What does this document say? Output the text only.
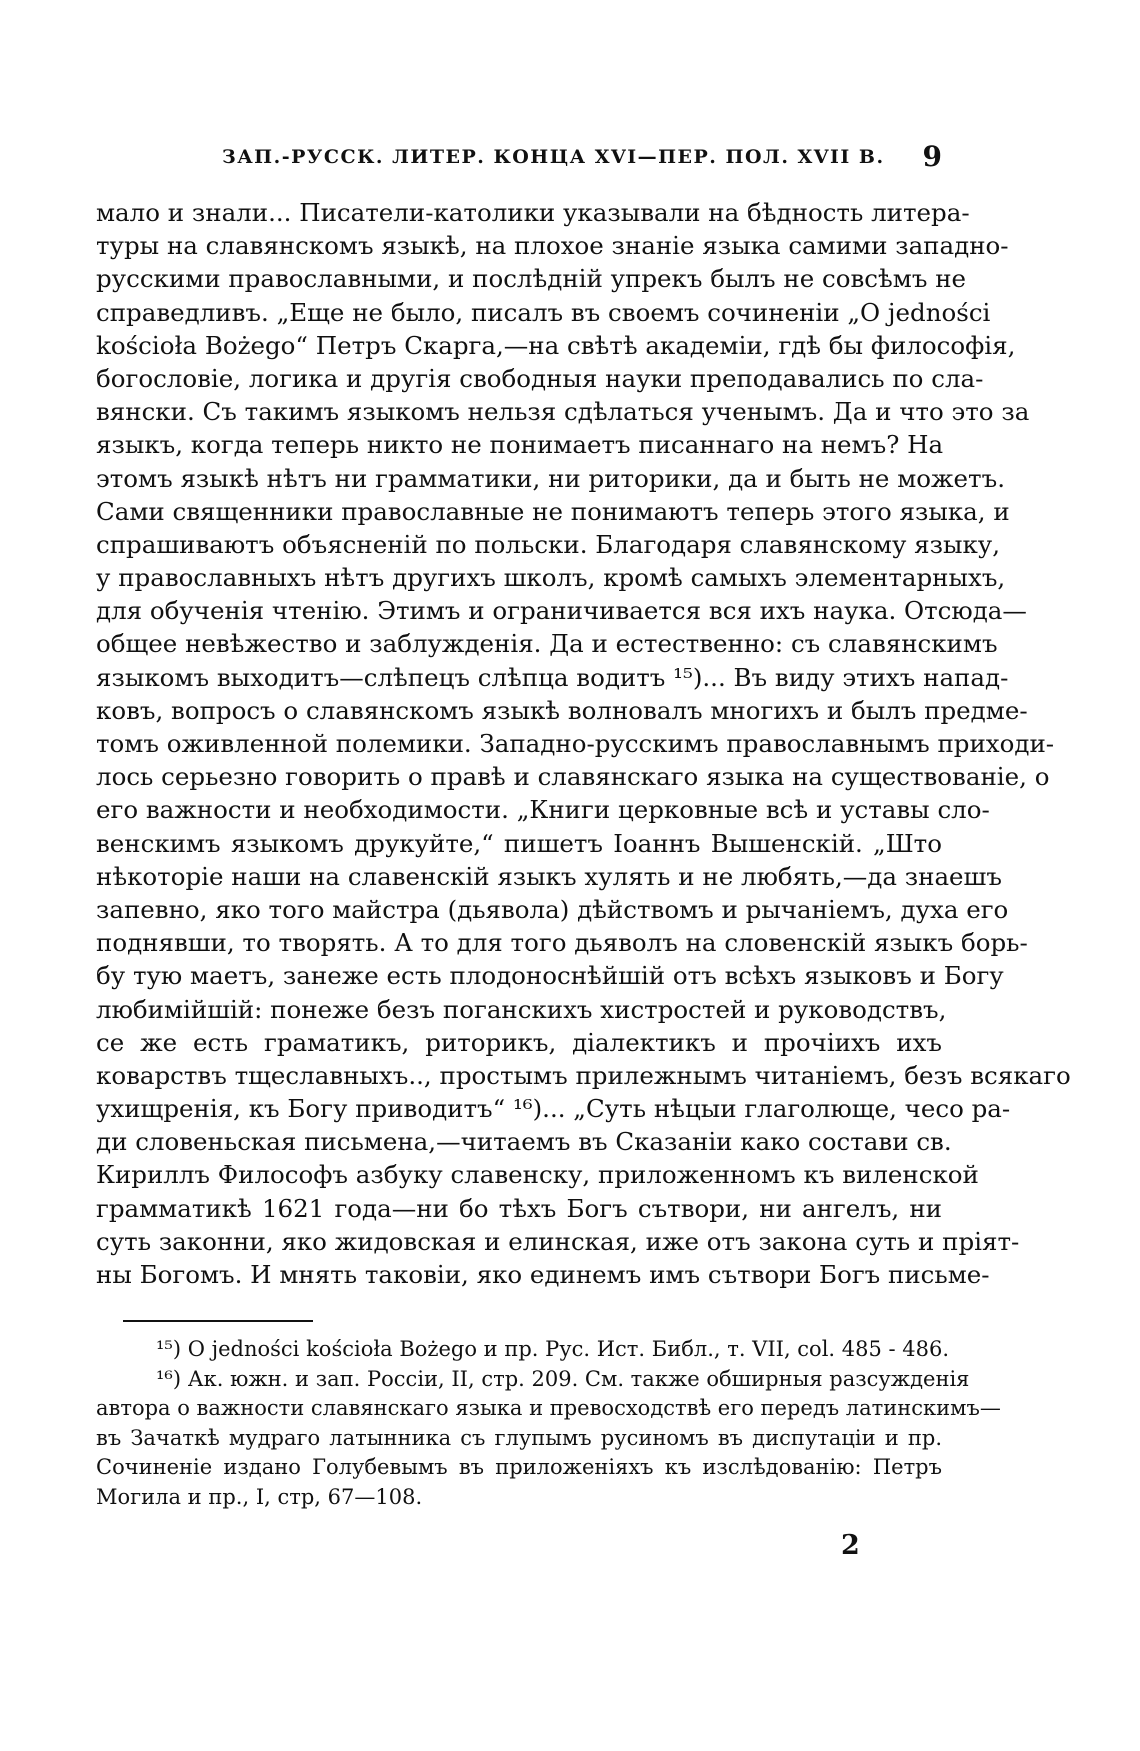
ЗАП.-РУССК. ЛИТЕР. КОНЦА XVI—ПЕР. ПОЛ. XVII В. 9
мало и знали... Писатели-католики указывали на бѣдность литера-
туры на славянскомъ языкѣ, на плохое знаніе языка самими западно-
русскими православными, и послѣдній упрекъ былъ не совсѣмъ не
справедливъ. „Еще не было, писалъ въ своемъ сочиненіи „O jedności
kościoła Bożego“ Петръ Скарга,—на свѣтѣ академіи, гдѣ бы философія,
богословіе, логика и другія свободныя науки преподавались по сла-
вянски. Съ такимъ языкомъ нельзя сдѣлаться ученымъ. Да и что это за
языкъ, когда теперь никто не понимаетъ писаннаго на немъ? На
этомъ языкѣ нѣтъ ни грамматики, ни риторики, да и быть не можетъ.
Сами священники православные не понимаютъ теперь этого языка, и
спрашиваютъ объясненій по польски. Благодаря славянскому языку,
у православныхъ нѣтъ другихъ школъ, кромѣ самыхъ элементарныхъ,
для обученія чтенію. Этимъ и ограничивается вся ихъ наука. Отсюда—
общее невѣжество и заблужденія. Да и естественно: съ славянскимъ
языкомъ выходитъ—слѣпецъ слѣпца водитъ ¹⁵)... Въ виду этихъ напад-
ковъ, вопросъ о славянскомъ языкѣ волновалъ многихъ и былъ предме-
томъ оживленной полемики. Западно-русскимъ православнымъ приходи-
лось серьезно говорить о правѣ и славянскаго языка на существованіе, о
его важности и необходимости. „Книги церковные всѣ и уставы сло-
венскимъ языкомъ друкуйте,“ пишетъ Іоаннъ Вышенскій. „Што
нѣкоторіе наши на славенскій языкъ хулять и не любять,—да знаешъ
запевно, яко того майстра (дьявола) дѣйствомъ и рычаніемъ, духа его
поднявши, то творять. А то для того дьяволъ на словенскій языкъ борь-
бу тую маетъ, занеже есть плодоноснѣйшій отъ всѣхъ языковъ и Богу
любимійшій: понеже безъ поганскихъ хистростей и руководствъ,
се же есть граматикъ, риторикъ, діалектикъ и прочіихъ ихъ
коварствъ тщеславныхъ.., простымъ прилежнымъ читаніемъ, безъ всякаго
ухищренія, къ Богу приводитъ“ ¹⁶)... „Суть нѣцыи глаголюще, чесо ра-
ди словеньская письмена,—читаемъ въ Сказаніи како состави св.
Кириллъ Философъ азбуку славенску, приложенномъ къ виленской
грамматикѣ 1621 года—ни бо тѣхъ Богъ сътвори, ни ангелъ, ни
суть законни, яко жидовская и елинская, иже отъ закона суть и пріят-
ны Богомъ. И мнять таковіи, яко единемъ имъ сътвори Богъ письме-
¹⁵) O jedności kościoła Bożego и пр. Рус. Ист. Библ., т. VII, col. 485 - 486.
¹⁶) Ак. южн. и зап. Россіи, II, стр. 209. См. также обширныя разсужденія
автора о важности славянскаго языка и превосходствѣ его передъ латинскимъ—
въ Зачаткѣ мудраго латынника съ глупымъ русиномъ въ диспутаціи и пр.
Сочиненіе издано Голубевымъ въ приложеніяхъ къ изслѣдованію: Петръ
Могила и пр., I, стр, 67—108.
2
